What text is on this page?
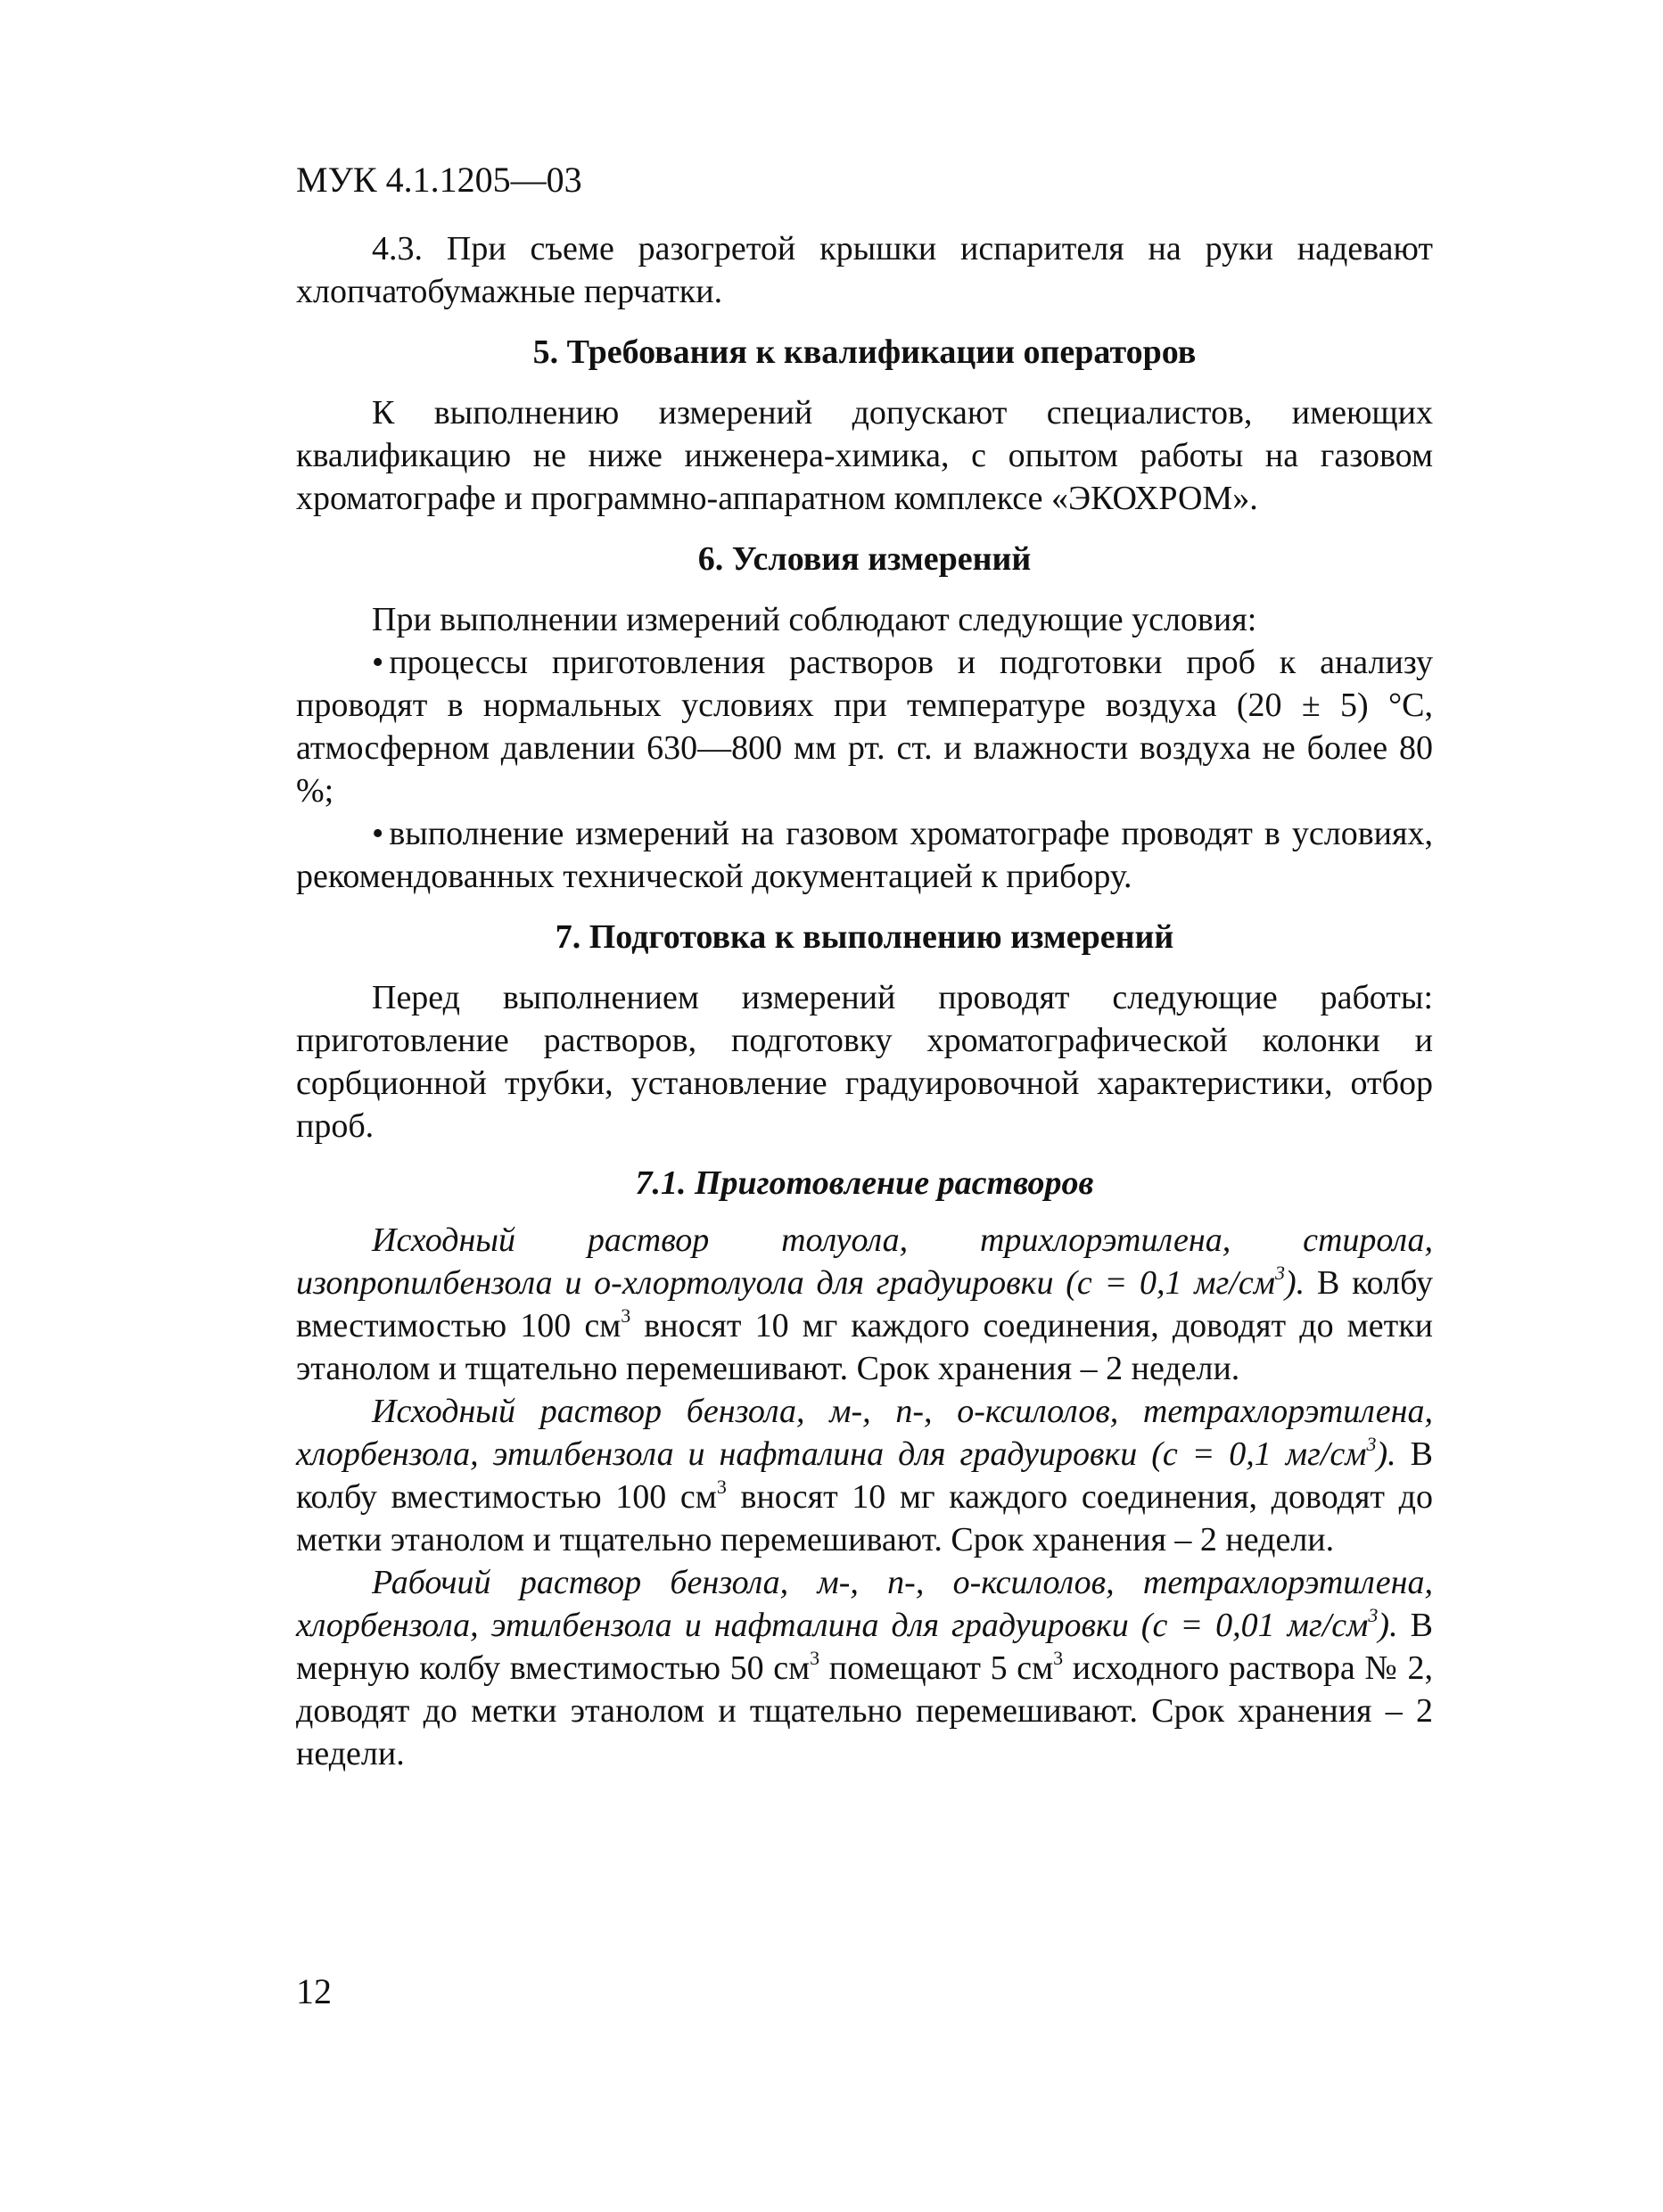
МУК 4.1.1205—03

4.3. При съеме разогретой крышки испарителя на руки надевают хлопчатобумажные перчатки.

5. Требования к квалификации операторов

К выполнению измерений допускают специалистов, имеющих квалификацию не ниже инженера-химика, с опытом работы на газовом хроматографе и программно-аппаратном комплексе «ЭКОХРОМ».

6. Условия измерений

При выполнении измерений соблюдают следующие условия:

• процессы приготовления растворов и подготовки проб к анализу проводят в нормальных условиях при температуре воздуха (20 ± 5) °С, атмосферном давлении 630—800 мм рт. ст. и влажности воздуха не более 80 %;

• выполнение измерений на газовом хроматографе проводят в условиях, рекомендованных технической документацией к прибору.

7. Подготовка к выполнению измерений

Перед выполнением измерений проводят следующие работы: приготовление растворов, подготовку хроматографической колонки и сорбционной трубки, установление градуировочной характеристики, отбор проб.

7.1. Приготовление растворов

Исходный раствор толуола, трихлорэтилена, стирола, изопропилбензола и о-хлортолуола для градуировки (с = 0,1 $мг/см^3$). В колбу вместимостью 100 $см^3$ вносят 10 мг каждого соединения, доводят до метки этанолом и тщательно перемешивают. Срок хранения – 2 недели.

Исходный раствор бензола, м-, п-, о-ксилолов, тетрахлорэтилена, хлорбензола, этилбензола и нафталина для градуировки (с = 0,1 $мг/см^3$). В колбу вместимостью 100 $см^3$ вносят 10 мг каждого соединения, доводят до метки этанолом и тщательно перемешивают. Срок хранения – 2 недели.

Рабочий раствор бензола, м-, п-, о-ксилолов, тетрахлорэтилена, хлорбензола, этилбензола и нафталина для градуировки (с = 0,01 $мг/см^3$). В мерную колбу вместимостью 50 $см^3$ помещают 5 $см^3$ исходного раствора № 2, доводят до метки этанолом и тщательно перемешивают. Срок хранения – 2 недели.

12
